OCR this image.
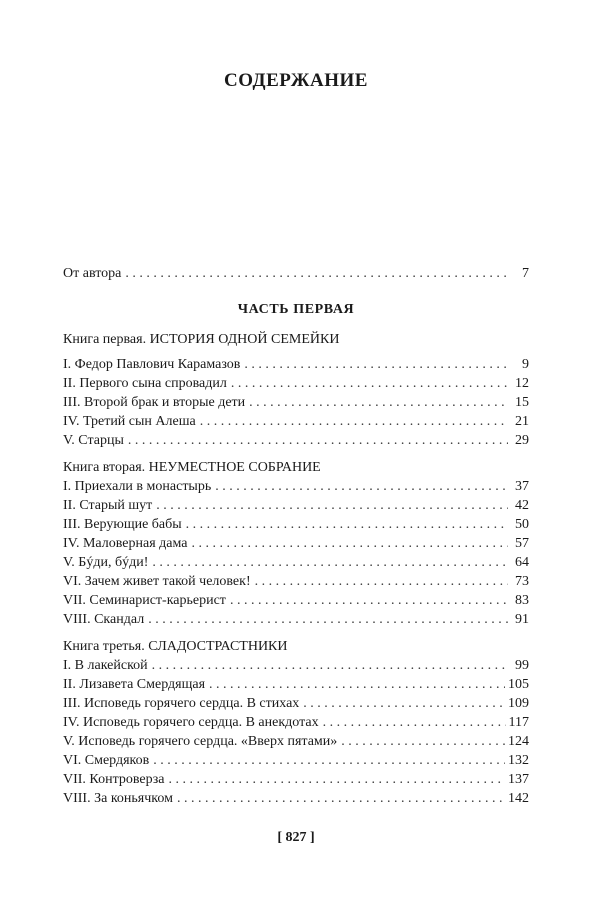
СОДЕРЖАНИЕ
От автора . . .	7
ЧАСТЬ ПЕРВАЯ

Книга первая. ИСТОРИЯ ОДНОЙ СЕМЕЙКИ

I. Федор Павлович Карамазов . . .	9
II. Первого сына спровадил . . .	12
III. Второй брак и вторые дети . . .	15
IV. Третий сын Алеша . . .	21
V. Старцы . . .	29

Книга вторая. НЕУМЕСТНОЕ СОБРАНИЕ

I. Приехали в монастырь . . .	37
II. Старый шут . . .	42
III. Верующие бабы . . .	50
IV. Маловерная дама . . .	57
V. Бýди, бýди! . . .	64
VI. Зачем живет такой человек! . . .	73
VII. Семинарист-карьерист . . .	83
VIII. Скандал . . .	91

Книга третья. СЛАДОСТРАСТНИКИ

I. В лакейской . . .	99
II. Лизавета Смердящая . . .	105
III. Исповедь горячего сердца. В стихах . . .	109
IV. Исповедь горячего сердца. В анекдотах . . .	117
V. Исповедь горячего сердца. «Вверх пятами» . . .	124
VI. Смердяков . . .	132
VII. Контроверза . . .	137
VIII. За коньячком . . .	142
[ 827 ]
